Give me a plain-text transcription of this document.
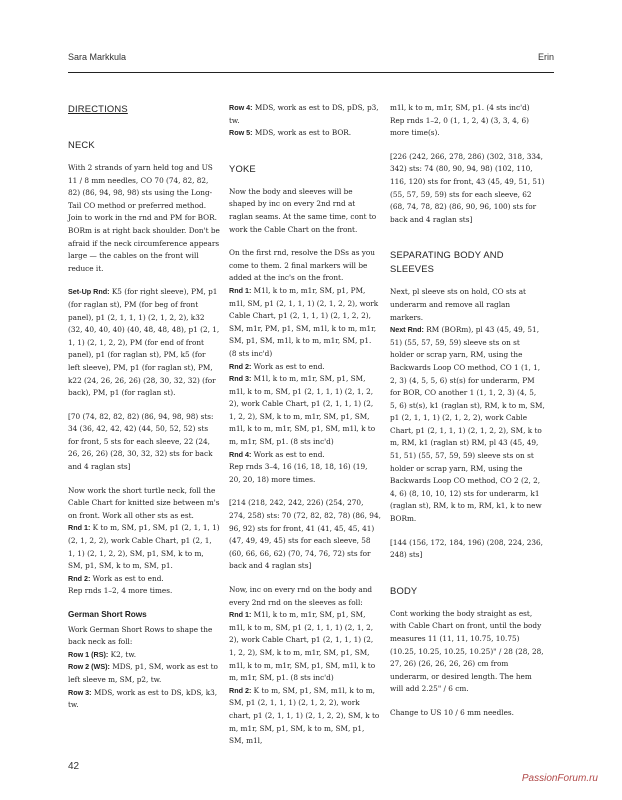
Sara Markkula	Erin
DIRECTIONS
NECK

With 2 strands of yarn held tog and US 11 / 8 mm needles, CO 70 (74, 82, 82, 82) (86, 94, 98, 98) sts using the Long-Tail CO method or preferred method. Join to work in the rnd and PM for BOR. BORm is at right back shoulder. Don't be afraid if the neck circumference appears large — the cables on the front will reduce it.

Set-Up Rnd: K5 (for right sleeve), PM, p1 (for raglan st), PM (for beg of front panel), p1 (2, 1, 1, 1) (2, 1, 2, 2), k32 (32, 40, 40, 40) (40, 48, 48, 48), p1 (2, 1, 1, 1) (2, 1, 2, 2), PM (for end of front panel), p1 (for raglan st), PM, k5 (for left sleeve), PM, p1 (for raglan st), PM, k22 (24, 26, 26, 26) (28, 30, 32, 32) (for back), PM, p1 (for raglan st).

[70 (74, 82, 82, 82) (86, 94, 98, 98) sts: 34 (36, 42, 42, 42) (44, 50, 52, 52) sts for front, 5 sts for each sleeve, 22 (24, 26, 26, 26) (28, 30, 32, 32) sts for back and 4 raglan sts]

Now work the short turtle neck, foll the Cable Chart for knitted size between m's on front. Work all other sts as est.
Rnd 1: K to m, SM, p1, SM, p1 (2, 1, 1, 1) (2, 1, 2, 2), work Cable Chart, p1 (2, 1, 1, 1) (2, 1, 2, 2), SM, p1, SM, k to m, SM, p1, SM, k to m, SM, p1.
Rnd 2: Work as est to end.
Rep rnds 1–2, 4 more times.

German Short Rows
Work German Short Rows to shape the back neck as foll:
Row 1 (RS): K2, tw.
Row 2 (WS): MDS, p1, SM, work as est to left sleeve m, SM, p2, tw.
Row 3: MDS, work as est to DS, kDS, k3, tw.

Row 4: MDS, work as est to DS, pDS, p3, tw.
Row 5: MDS, work as est to BOR.

YOKE

Now the body and sleeves will be shaped by inc on every 2nd rnd at raglan seams. At the same time, cont to work the Cable Chart on the front.

On the first rnd, resolve the DSs as you come to them. 2 final markers will be added at the inc's on the front.
Rnd 1: M1l, k to m, m1r, SM, p1, PM, m1l, SM, p1 (2, 1, 1, 1) (2, 1, 2, 2), work Cable Chart, p1 (2, 1, 1, 1) (2, 1, 2, 2), SM, m1r, PM, p1, SM, m1l, k to m, m1r, SM, p1, SM, m1l, k to m, m1r, SM, p1. (8 sts inc'd)
Rnd 2: Work as est to end.
Rnd 3: M1l, k to m, m1r, SM, p1, SM, m1l, k to m, SM, p1 (2, 1, 1, 1) (2, 1, 2, 2), work Cable Chart, p1 (2, 1, 1, 1) (2, 1, 2, 2), SM, k to m, m1r, SM, p1, SM, m1l, k to m, m1r, SM, p1, SM, m1l, k to m, m1r, SM, p1. (8 sts inc'd)
Rnd 4: Work as est to end.
Rep rnds 3–4, 16 (16, 18, 18, 16) (19, 20, 20, 18) more times.

[214 (218, 242, 242, 226) (254, 270, 274, 258) sts: 70 (72, 82, 82, 78) (86, 94, 96, 92) sts for front, 41 (41, 45, 45, 41) (47, 49, 49, 45) sts for each sleeve, 58 (60, 66, 66, 62) (70, 74, 76, 72) sts for back and 4 raglan sts]

Now, inc on every rnd on the body and every 2nd rnd on the sleeves as foll:
Rnd 1: M1l, k to m, m1r, SM, p1, SM, m1l, k to m, SM, p1 (2, 1, 1, 1) (2, 1, 2, 2), work Cable Chart, p1 (2, 1, 1, 1) (2, 1, 2, 2), SM, k to m, m1r, SM, p1, SM, m1l, k to m, m1r, SM, p1, SM, m1l, k to m, m1r, SM, p1. (8 sts inc'd)
Rnd 2: K to m, SM, p1, SM, m1l, k to m, SM, p1 (2, 1, 1, 1) (2, 1, 2, 2), work chart, p1 (2, 1, 1, 1) (2, 1, 2, 2), SM, k to m, m1r, SM, p1, SM, k to m, SM, p1, SM, m1l,

m1l, k to m, m1r, SM, p1. (4 sts inc'd)
Rep rnds 1–2, 0 (1, 1, 2, 4) (3, 3, 4, 6) more time(s).

[226 (242, 266, 278, 286) (302, 318, 334, 342) sts: 74 (80, 90, 94, 98) (102, 110, 116, 120) sts for front, 43 (45, 49, 51, 51) (55, 57, 59, 59) sts for each sleeve, 62 (68, 74, 78, 82) (86, 90, 96, 100) sts for back and 4 raglan sts]

SEPARATING BODY AND SLEEVES

Next, pl sleeve sts on hold, CO sts at underarm and remove all raglan markers.
Next Rnd: RM (BORm), pl 43 (45, 49, 51, 51) (55, 57, 59, 59) sleeve sts on st holder or scrap yarn, RM, using the Backwards Loop CO method, CO 1 (1, 1, 2, 3) (4, 5, 5, 6) st(s) for underarm, PM for BOR, CO another 1 (1, 1, 2, 3) (4, 5, 5, 6) st(s), k1 (raglan st), RM, k to m, SM, p1 (2, 1, 1, 1) (2, 1, 2, 2), work Cable Chart, p1 (2, 1, 1, 1) (2, 1, 2, 2), SM, k to m, RM, k1 (raglan st) RM, pl 43 (45, 49, 51, 51) (55, 57, 59, 59) sleeve sts on st holder or scrap yarn, RM, using the Backwards Loop CO method, CO 2 (2, 2, 4, 6) (8, 10, 10, 12) sts for underarm, k1 (raglan st), RM, k to m, RM, k1, k to new BORm.

[144 (156, 172, 184, 196) (208, 224, 236, 248) sts]

BODY

Cont working the body straight as est, with Cable Chart on front, until the body measures 11 (11, 11, 10.75, 10.75) (10.25, 10.25, 10.25, 10.25)" / 28 (28, 28, 27, 26) (26, 26, 26, 26) cm from underarm, or desired length. The hem will add 2.25" / 6 cm.

Change to US 10 / 6 mm needles.

42
PassionForum.ru
